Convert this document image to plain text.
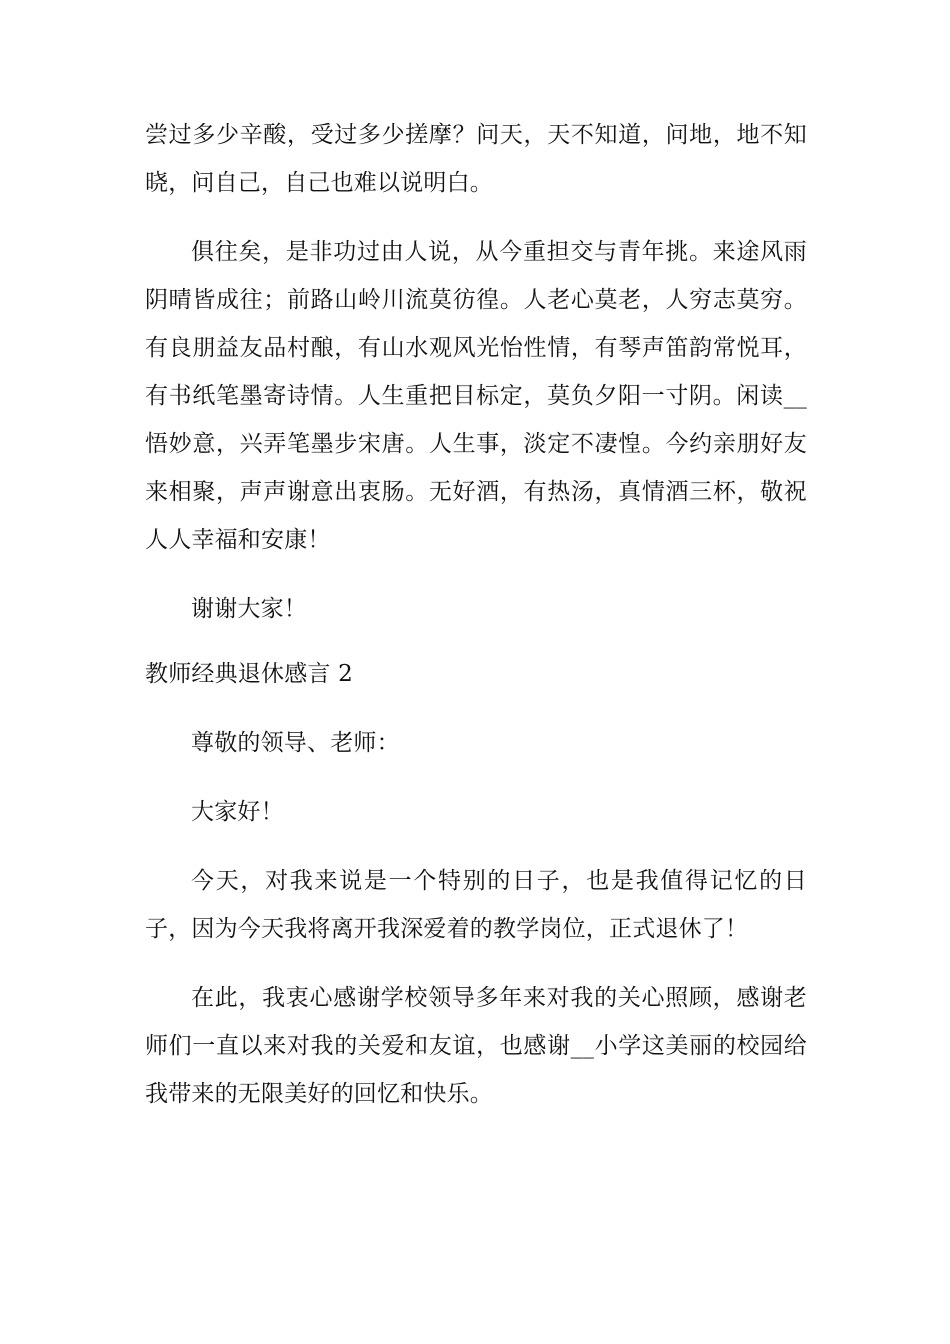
尝过多少辛酸，受过多少搓摩？问天，天不知道，问地，地不知晓，问自己，自己也难以说明白。

俱往矣，是非功过由人说，从今重担交与青年挑。来途风雨阴晴皆成往；前路山岭川流莫彷徨。人老心莫老，人穷志莫穷。有良朋益友品村酿，有山水观风光怡性情，有琴声笛韵常悦耳，有书纸笔墨寄诗情。人生重把目标定，莫负夕阳一寸阴。闲读__悟妙意，兴弄笔墨步宋唐。人生事，淡定不凄惶。今约亲朋好友来相聚，声声谢意出衷肠。无好酒，有热汤，真情酒三杯，敬祝人人幸福和安康！

谢谢大家！

教师经典退休感言 2

尊敬的领导、老师：

大家好！

今天，对我来说是一个特别的日子，也是我值得记忆的日子，因为今天我将离开我深爱着的教学岗位，正式退休了！

在此，我衷心感谢学校领导多年来对我的关心照顾，感谢老师们一直以来对我的关爱和友谊，也感谢__小学这美丽的校园给我带来的无限美好的回忆和快乐。
